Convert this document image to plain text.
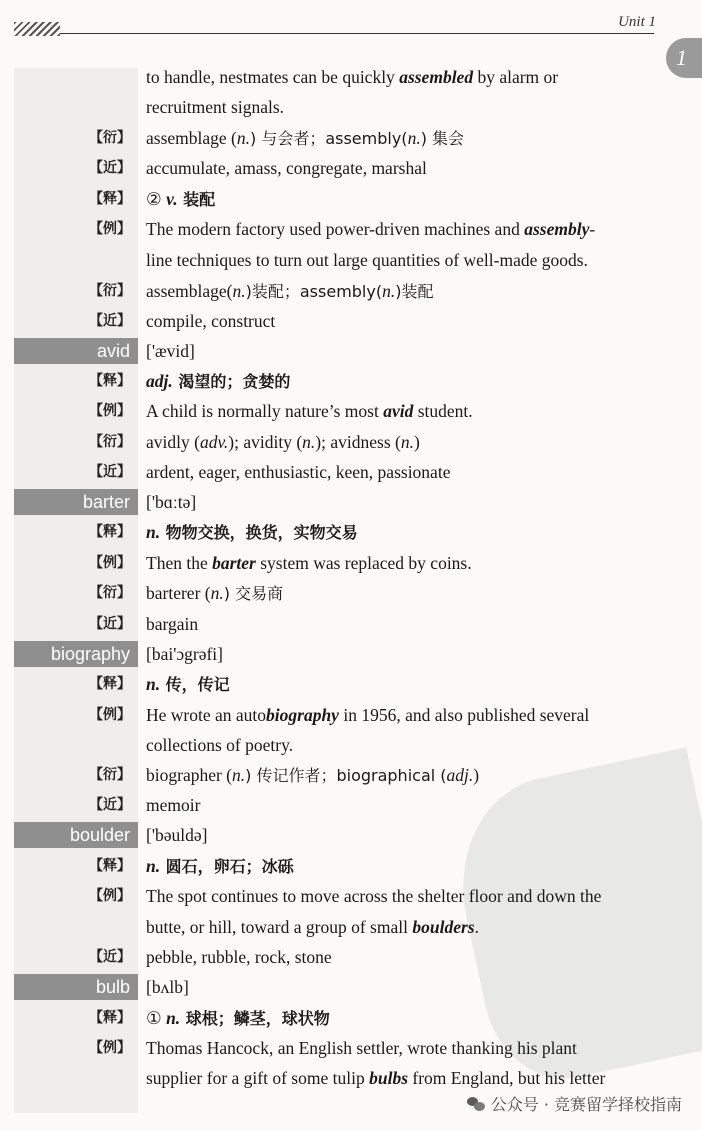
Unit 1
1
to handle, nestmates can be quickly assembled by alarm or
recruitment signals.
【 衍 】	assemblage (n.) 与会者；assembly(n.) 集会
【 近 】	accumulate, amass, congregate, marshal
【 释 】	② v. 装配
【 例 】	The modern factory used power-driven machines and assembly-
line techniques to turn out large quantities of well-made goods.
【 衍 】	assemblage(n.)装配；assembly(n.)装配
【 近 】	compile, construct
avid ['ævid]
【 释 】	adj. 渴望的；贪婪的
【 例 】	A child is normally nature’s most avid student.
【 衍 】	avidly (adv.); avidity (n.); avidness (n.)
【 近 】	ardent, eager, enthusiastic, keen, passionate
barter ['bɑːtə]
【 释 】	n. 物物交换，换货，实物交易
【 例 】	Then the barter system was replaced by coins.
【 衍 】	barterer (n.) 交易商
【 近 】	bargain
biography [bai'ɔgrəfi]
【 释 】	n. 传，传记
【 例 】	He wrote an autobiography in 1956, and also published several
collections of poetry.
【 衍 】	biographer (n.) 传记作者；biographical (adj.)
【 近 】	memoir
boulder ['bəuldə]
【 释 】	n. 圆石，卵石；冰砾
【 例 】	The spot continues to move across the shelter floor and down the
butte, or hill, toward a group of small boulders.
【 近 】	pebble, rubble, rock, stone
bulb [bʌlb]
【 释 】	① n. 球根；鳞茎，球状物
【 例 】	Thomas Hancock, an English settler, wrote thanking his plant
supplier for a gift of some tulip bulbs from England, but his letter
公众号 · 竞赛留学择校指南
